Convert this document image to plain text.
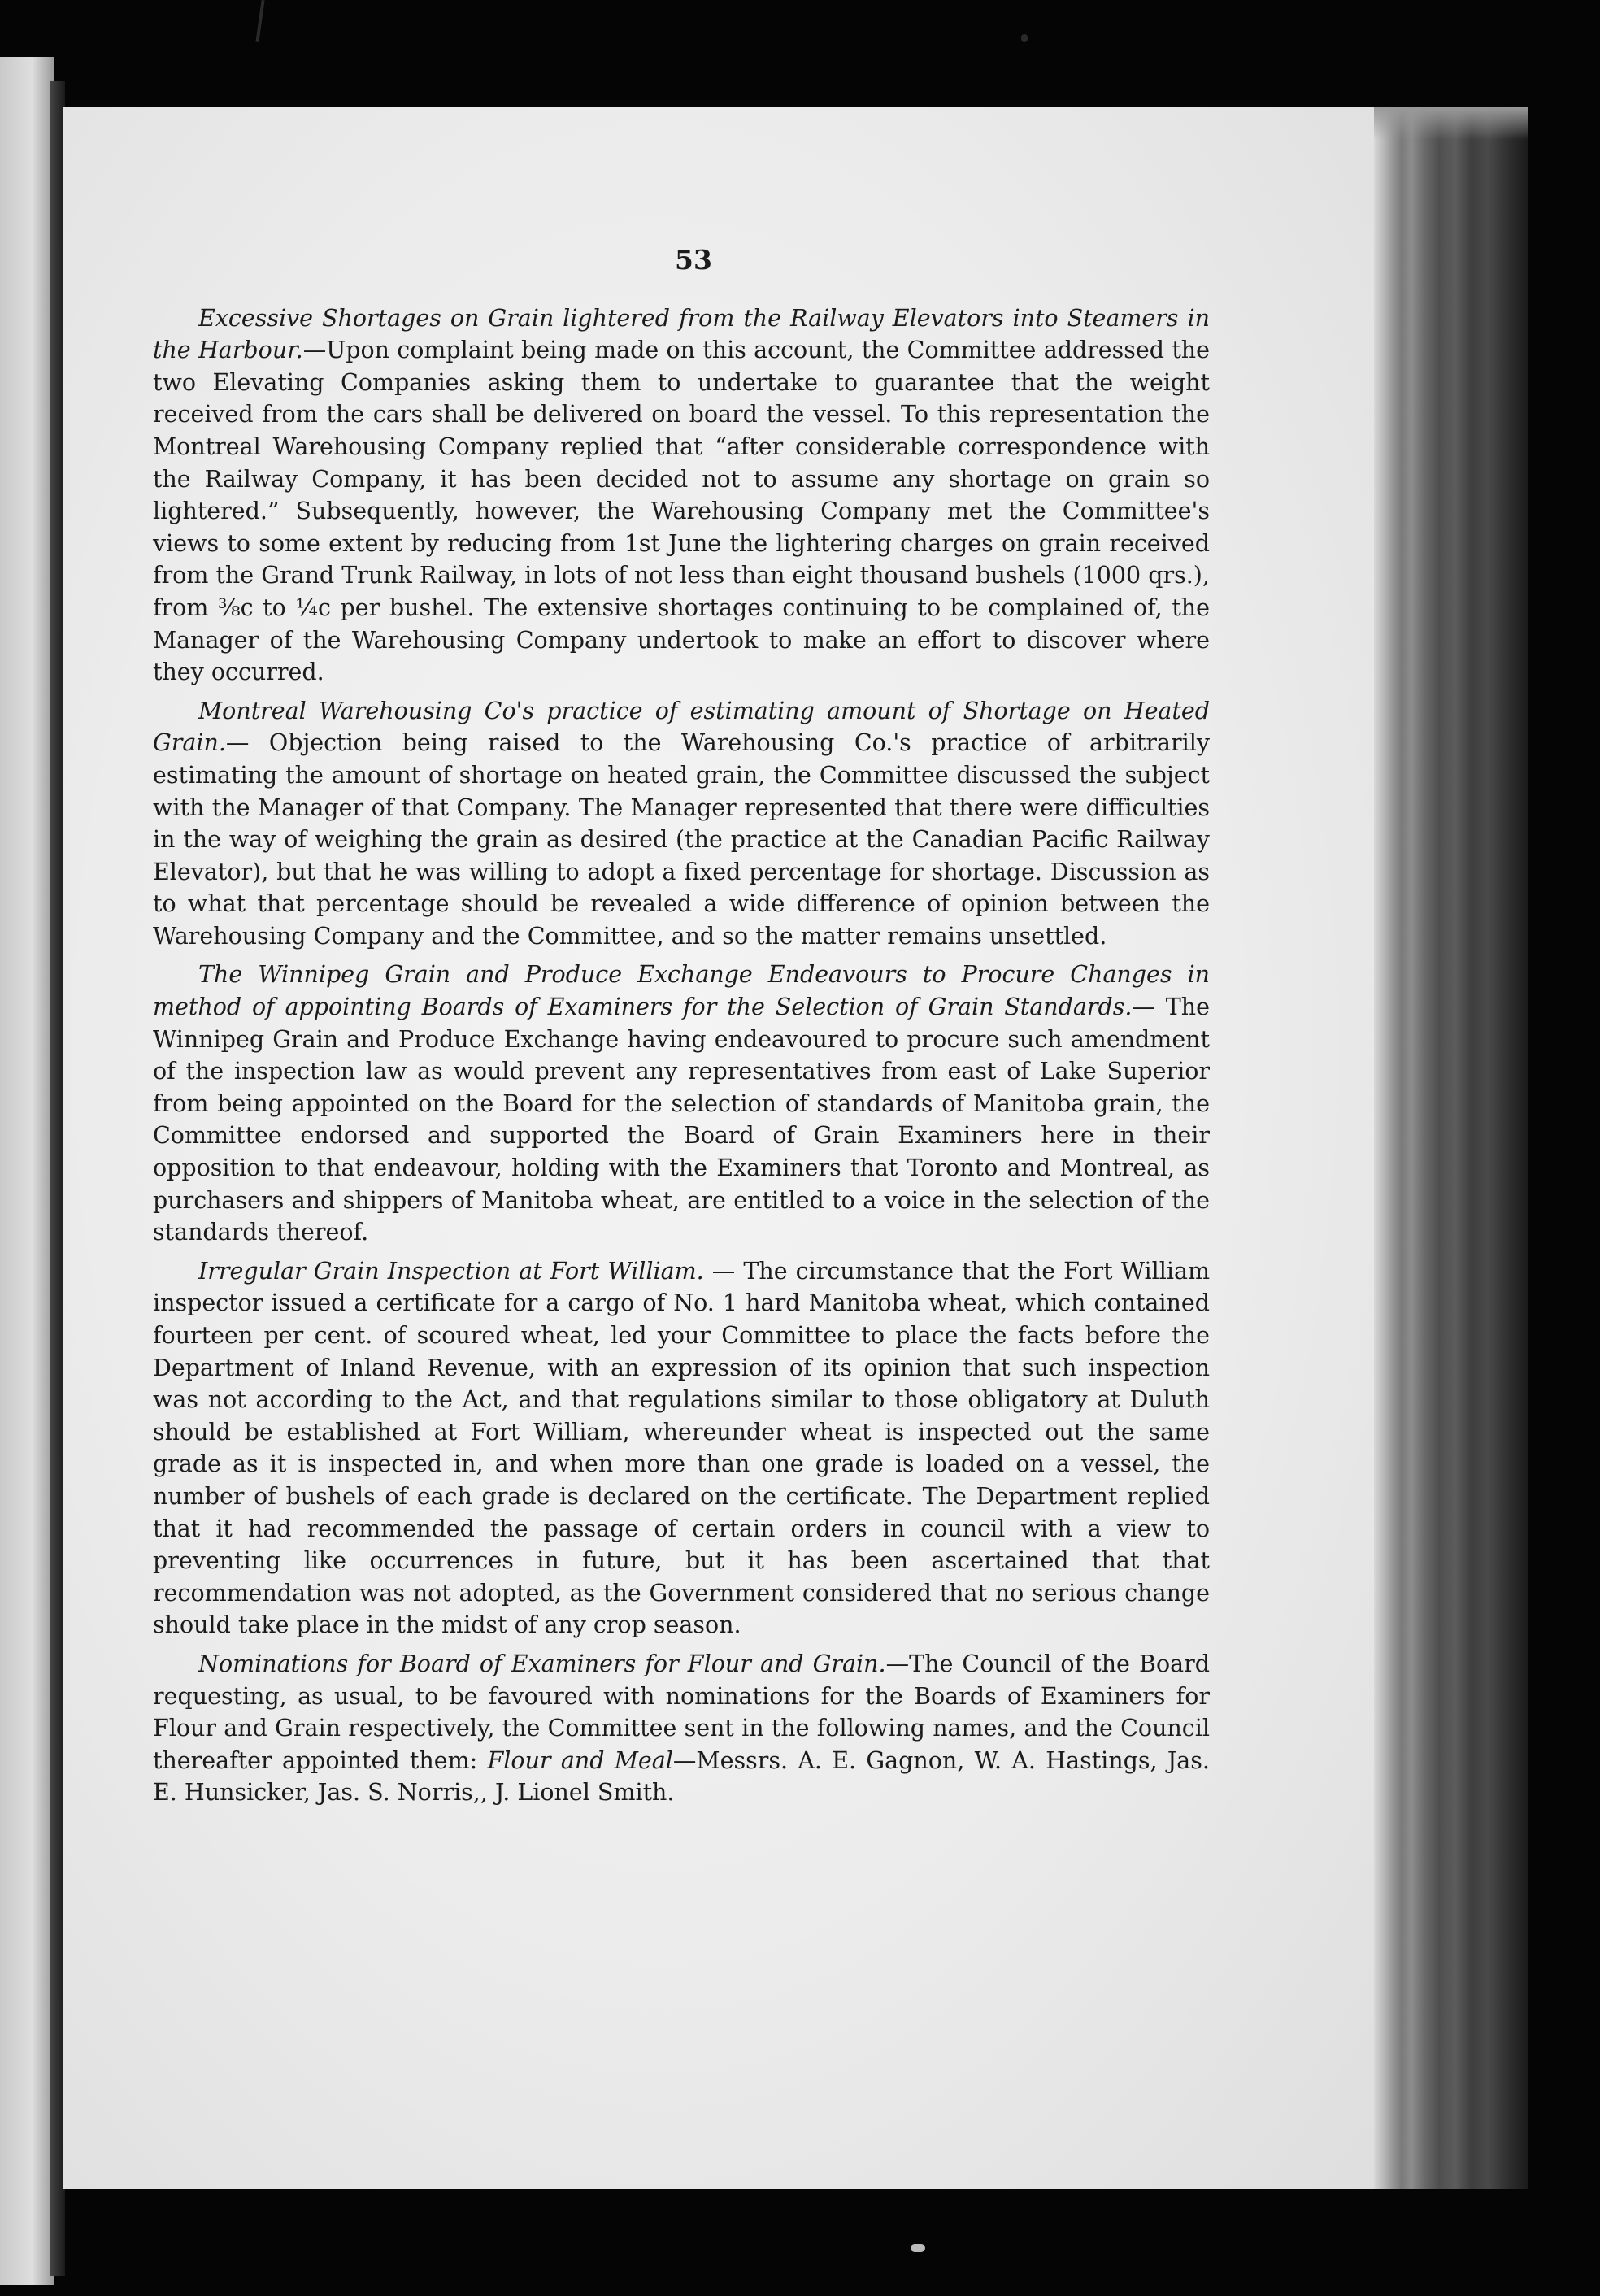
53

Excessive Shortages on Grain lightered from the Railway Elevators into Steamers in the Harbour.—Upon complaint being made on this account, the Committee addressed the two Elevating Companies asking them to undertake to guarantee that the weight received from the cars shall be delivered on board the vessel. To this representation the Montreal Warehousing Company replied that “after considerable correspondence with the Railway Company, it has been decided not to assume any shortage on grain so lightered.” Subsequently, however, the Warehousing Company met the Committee's views to some extent by reducing from 1st June the lightering charges on grain received from the Grand Trunk Railway, in lots of not less than eight thousand bushels (1000 qrs.), from ⅜c to ¼c per bushel. The extensive shortages continuing to be complained of, the Manager of the Warehousing Company undertook to make an effort to discover where they occurred.

Montreal Warehousing Co's practice of estimating amount of Shortage on Heated Grain.— Objection being raised to the Warehousing Co.'s practice of arbitrarily estimating the amount of shortage on heated grain, the Committee discussed the subject with the Manager of that Company. The Manager represented that there were difficulties in the way of weighing the grain as desired (the practice at the Canadian Pacific Railway Elevator), but that he was willing to adopt a fixed percentage for shortage. Discussion as to what that percentage should be revealed a wide difference of opinion between the Warehousing Company and the Committee, and so the matter remains unsettled.

The Winnipeg Grain and Produce Exchange Endeavours to Procure Changes in method of appointing Boards of Examiners for the Selection of Grain Standards.— The Winnipeg Grain and Produce Exchange having endeavoured to procure such amendment of the inspection law as would prevent any representatives from east of Lake Superior from being appointed on the Board for the selection of standards of Manitoba grain, the Committee endorsed and supported the Board of Grain Examiners here in their opposition to that endeavour, holding with the Examiners that Toronto and Montreal, as purchasers and shippers of Manitoba wheat, are entitled to a voice in the selection of the standards thereof.

Irregular Grain Inspection at Fort William. — The circumstance that the Fort William inspector issued a certificate for a cargo of No. 1 hard Manitoba wheat, which contained fourteen per cent. of scoured wheat, led your Committee to place the facts before the Department of Inland Revenue, with an expression of its opinion that such inspection was not according to the Act, and that regulations similar to those obligatory at Duluth should be established at Fort William, whereunder wheat is inspected out the same grade as it is inspected in, and when more than one grade is loaded on a vessel, the number of bushels of each grade is declared on the certificate. The Department replied that it had recommended the passage of certain orders in council with a view to preventing like occurrences in future, but it has been ascertained that that recommendation was not adopted, as the Government considered that no serious change should take place in the midst of any crop season.

Nominations for Board of Examiners for Flour and Grain.—The Council of the Board requesting, as usual, to be favoured with nominations for the Boards of Examiners for Flour and Grain respectively, the Committee sent in the following names, and the Council thereafter appointed them: Flour and Meal—Messrs. A. E. Gagnon, W. A. Hastings, Jas. E. Hunsicker, Jas. S. Norris,, J. Lionel Smith.
